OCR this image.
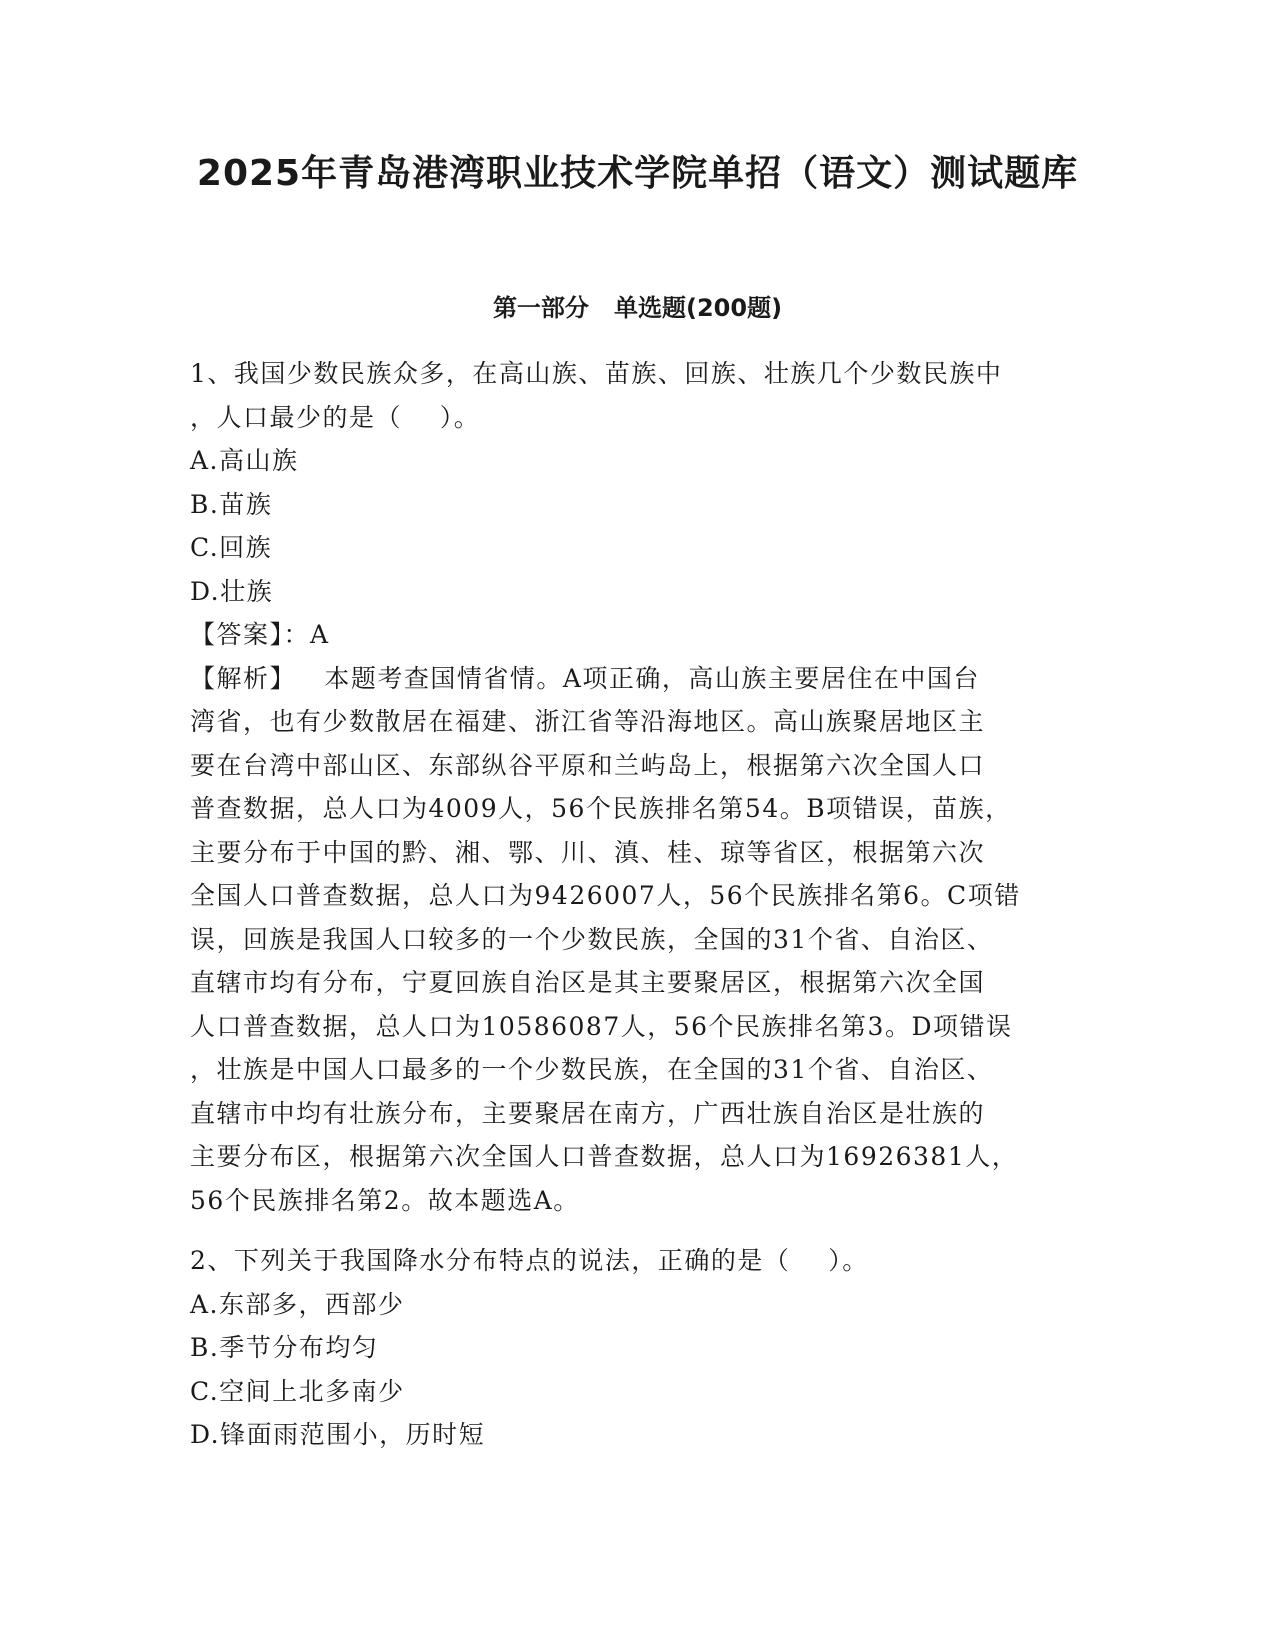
2025年青岛港湾职业技术学院单招（语文）测试题库
第一部分   单选题(200题)
1、我国少数民族众多，在高山族、苗族、回族、壮族几个少数民族中
，人口最少的是（    ）。
A.高山族
B.苗族
C.回族
D.壮族
【答案】：A
【解析】   本题考查国情省情。A项正确，高山族主要居住在中国台
湾省，也有少数散居在福建、浙江省等沿海地区。高山族聚居地区主
要在台湾中部山区、东部纵谷平原和兰屿岛上，根据第六次全国人口
普查数据，总人口为4009人，56个民族排名第54。B项错误，苗族，
主要分布于中国的黔、湘、鄂、川、滇、桂、琼等省区，根据第六次
全国人口普查数据，总人口为9426007人，56个民族排名第6。C项错
误，回族是我国人口较多的一个少数民族，全国的31个省、自治区、
直辖市均有分布，宁夏回族自治区是其主要聚居区，根据第六次全国
人口普查数据，总人口为10586087人，56个民族排名第3。D项错误
，壮族是中国人口最多的一个少数民族，在全国的31个省、自治区、
直辖市中均有壮族分布，主要聚居在南方，广西壮族自治区是壮族的
主要分布区，根据第六次全国人口普查数据，总人口为16926381人，
56个民族排名第2。故本题选A。
2、下列关于我国降水分布特点的说法，正确的是（    ）。
A.东部多，西部少
B.季节分布均匀
C.空间上北多南少
D.锋面雨范围小，历时短
